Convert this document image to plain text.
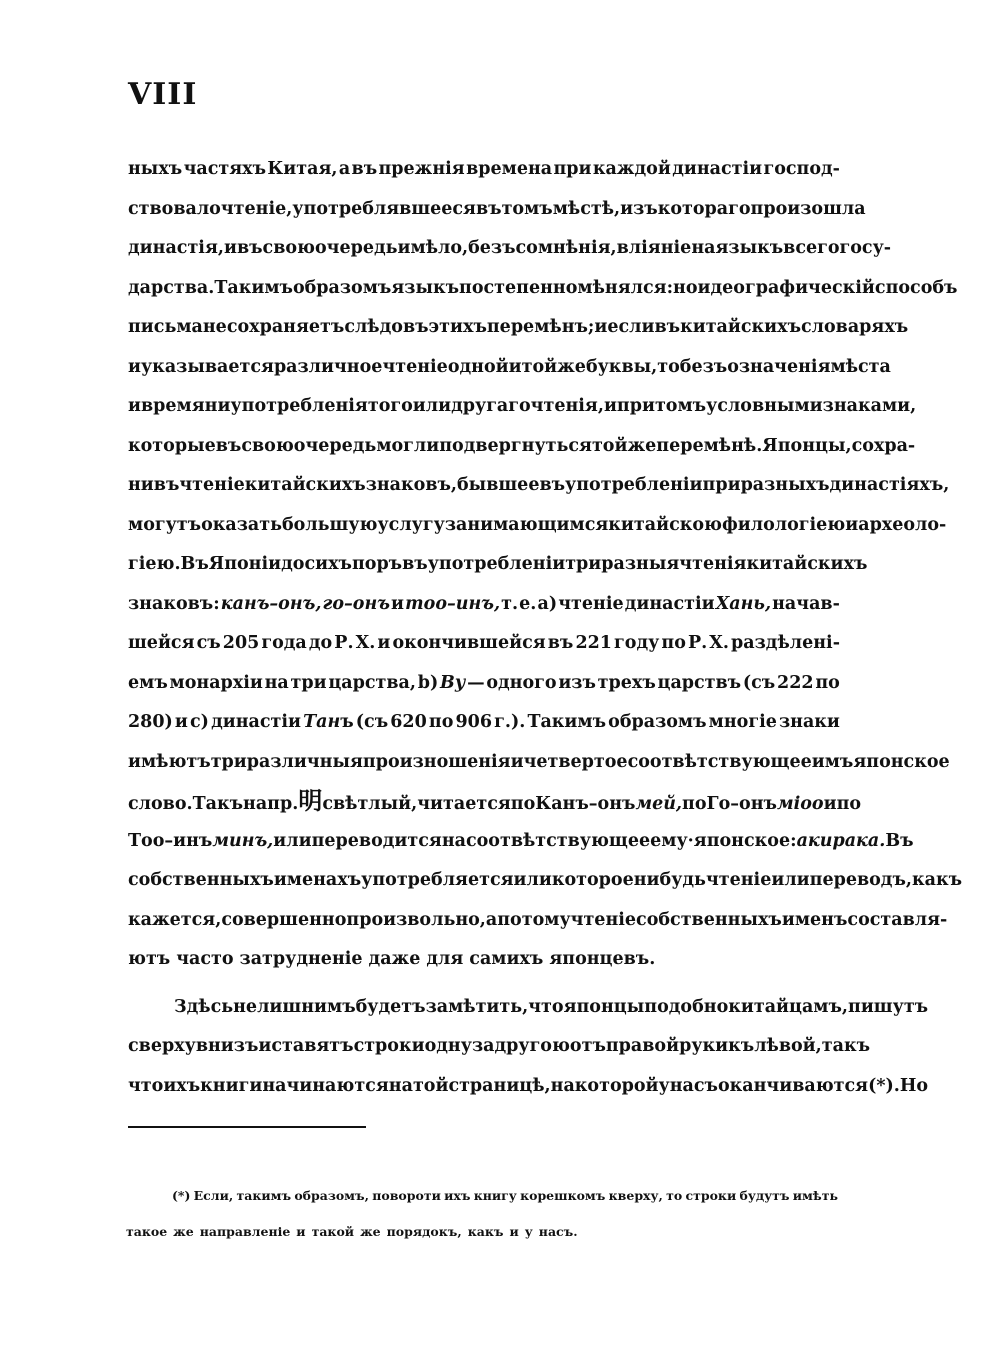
VIII
ныхъ частяхъ Китая, а въ прежнія времена при каждой династіи господ-
ствовало чтеніе, употреблявшееся въ томъ мѣстѣ, изъ котораго произошла
династія, и въ свою очередь имѣло, безъ сомнѣнія, вліяніе на языкъ всего госу-
дарства. Такимъ образомъ языкъ постепенно мѣнялся: но идеографическій способъ
письма не сохраняетъ слѣдовъ этихъ перемѣнъ; и если въ китайскихъ словаряхъ
и указывается различное чтеніе одной и той же буквы, то безъ означенія мѣста
и времяни употребленія того или другаго чтенія, и притомъ условными знаками,
которые въ свою очередь могли подвергнуться той же перемѣнѣ. Японцы, сохра-
нивъ чтеніе китайскихъ знаковъ, бывшее въ употребленіи при разныхъ династіяхъ,
могутъ оказать большую услугу занимающимся китайскою филологіею и археоло-
гіею. Въ Японіи до сихъ поръ въ употребленіи три разныя чтенія китайскихъ
знаковъ: канъ–онъ, го–онъ и тоо–инъ, т. е. а) чтеніе династіи Хань, начав-
шейся съ 205 года до Р. Х. и окончившейся въ 221 году по Р. Х. раздѣлені-
емъ монархіи на три царства, b) Ву — одного изъ трехъ царствъ (съ 222 по
280) и с) династіи Танъ (съ 620 по 906 г.). Такимъ образомъ многіе знаки
имѣютъ три различныя произношенія и четвертое соотвѣтствующее имъ японское
слово. Такъ напр. 明 свѣтлый, читается по Канъ–онъ мей, по Го–онъ міоо и по
Тоо–инъ минъ, или переводится на соотвѣтствующее ему·японское: акирака. Въ
собственныхъ именахъ употребляется или которое нибудь чтеніе или переводъ, какъ
кажется, совершенно произвольно, а потому чтеніе собственныхъ именъ составля-
ютъ часто затрудненіе даже для самихъ японцевъ.
Здѣсь не лишнимъ будетъ замѣтить, что японцы подобно китайцамъ, пишутъ
сверху внизъ и ставятъ строки одну за другою отъ правой руки къ лѣвой, такъ
чтоихъ книги начинаются на той страницѣ, на которой у насъ оканчиваются (*). Но
(*) Если, такимъ образомъ, повороти ихъ книгу корешкомъ кверху, то строки будутъ имѣть
такое же направленіе и такой же порядокъ, какъ и у насъ.
